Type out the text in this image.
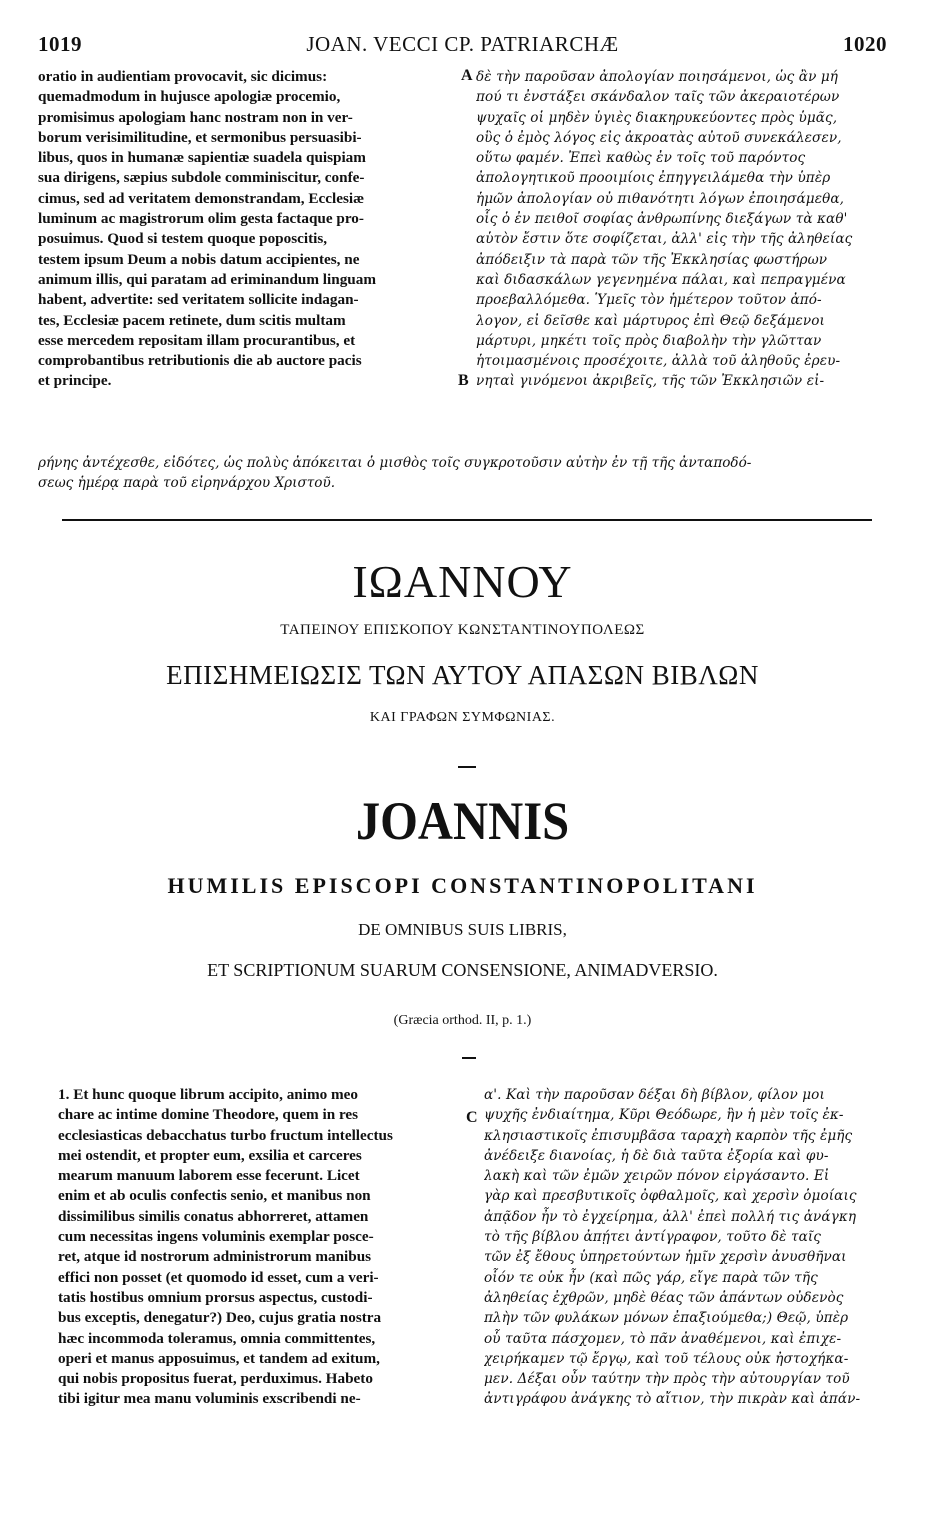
1019	JOAN. VECCI CP. PATRIARCHÆ	1020
oratio in audientiam provocavit, sic dicimus:
quemadmodum in hujusce apologiæ procemio,
promisimus apologiam hanc nostram non in ver-
borum verisimilitudine, et sermonibus persuasibi-
libus, quos in humanæ sapientiæ suadela quispiam
sua dirigens, sæpius subdole comminiscitur, confe-
cimus, sed ad veritatem demonstrandam, Ecclesiæ
luminum ac magistrorum olim gesta factaque pro-
posuimus. Quod si testem quoque poposcitis,
testem ipsum Deum a nobis datum accipientes, ne
animum illis, qui paratam ad eriminandum linguam
habent, advertite: sed veritatem sollicite indagan-
tes, Ecclesiæ pacem retinete, dum scitis multam
esse mercedem repositam illam procurantibus, et
comprobantibus retributionis die ab auctore pacis
et principe.
A
B
δὲ τὴν παροῦσαν ἀπολογίαν ποιησάμενοι, ὡς ἂν μή
πού τι ἐνστάξει σκάνδαλον ταῖς τῶν ἀκεραιοτέρων
ψυχαῖς οἱ μηδὲν ὑγιὲς διακηρυκεύοντες πρὸς ὑμᾶς,
οὓς ὁ ἐμὸς λόγος εἰς ἀκροατὰς αὐτοῦ συνεκάλεσεν,
οὕτω φαμέν. Ἐπεὶ καθὼς ἐν τοῖς τοῦ παρόντος
ἀπολογητικοῦ προοιμίοις ἐπηγγειλάμεθα τὴν ὑπὲρ
ἡμῶν ἀπολογίαν οὐ πιθανότητι λόγων ἐποιησάμεθα,
οἷς ὁ ἐν πειθοῖ σοφίας ἀνθρωπίνης διεξάγων τὰ καθ'
αὑτὸν ἔστιν ὅτε σοφίζεται, ἀλλ' εἰς τὴν τῆς ἀληθείας
ἀπόδειξιν τὰ παρὰ τῶν τῆς Ἐκκλησίας φωστήρων
καὶ διδασκάλων γεγενημένα πάλαι, καὶ πεπραγμένα
προεβαλλόμεθα. Ὑμεῖς τὸν ἡμέτερον τοῦτον ἀπό-
λογον, εἰ δεῖσθε καὶ μάρτυρος ἐπὶ Θεῷ δεξάμενοι
μάρτυρι, μηκέτι τοῖς πρὸς διαβολὴν τὴν γλῶτταν
ἡτοιμασμένοις προσέχοιτε, ἀλλὰ τοῦ ἀληθοῦς ἐρευ-
νηταὶ γινόμενοι ἀκριβεῖς, τῆς τῶν Ἐκκλησιῶν εἰ-
ρήνης ἀντέχεσθε, εἰδότες, ὡς πολὺς ἀπόκειται ὁ μισθὸς τοῖς συγκροτοῦσιν αὐτὴν ἐν τῇ τῆς ἀνταποδό-
σεως ἡμέρᾳ παρὰ τοῦ εἰρηνάρχου Χριστοῦ.
ΙΩΑΝΝΟΥ
ΤΑΠΕΙΝΟΥ ΕΠΙΣΚΟΠΟΥ ΚΩΝΣΤΑΝΤΙΝΟΥΠΟΛΕΩΣ
ΕΠΙΣΗΜΕΙΩΣΙΣ ΤΩΝ ΑΥΤΟΥ ΑΠΑΣΩΝ ΒΙΒΛΩΝ
ΚΑΙ ΓΡΑΦΩΝ ΣΥΜΦΩΝΙΑΣ.
JOANNIS
HUMILIS EPISCOPI CONSTANTINOPOLITANI
DE OMNIBUS SUIS LIBRIS,
ET SCRIPTIONUM SUARUM CONSENSIONE, ANIMADVERSIO.
(Græcia orthod. II, p. 1.)
1. Et hunc quoque librum accipito, animo meo
chare ac intime domine Theodore, quem in res
ecclesiasticas debacchatus turbo fructum intellectus
mei ostendit, et propter eum, exsilia et carceres
mearum manuum laborem esse fecerunt. Licet
enim et ab oculis confectis senio, et manibus non
dissimilibus similis conatus abhorreret, attamen
cum necessitas ingens voluminis exemplar posce-
ret, atque id nostrorum administrorum manibus
effici non posset (et quomodo id esset, cum a veri-
tatis hostibus omnium prorsus aspectus, custodi-
bus exceptis, denegatur?) Deo, cujus gratia nostra
hæc incommoda toleramus, omnia committentes,
operi et manus apposuimus, et tandem ad exitum,
qui nobis propositus fuerat, perduximus. Habeto
tibi igitur mea manu voluminis exscribendi ne-
C
α'. Καὶ τὴν παροῦσαν δέξαι δὴ βίβλον, φίλον μοι
ψυχῆς ἐνδιαίτημα, Κῦρι Θεόδωρε, ἣν ἡ μὲν τοῖς ἐκ-
κλησιαστικοῖς ἐπισυμβᾶσα ταραχὴ καρπὸν τῆς ἐμῆς
ἀνέδειξε διανοίας, ἡ δὲ διὰ ταῦτα ἐξορία καὶ φυ-
λακὴ καὶ τῶν ἐμῶν χειρῶν πόνον εἰργάσαντο. Εἰ
γὰρ καὶ πρεσβυτικοῖς ὀφθαλμοῖς, καὶ χερσὶν ὁμοίαις
ἀπᾷδον ἦν τὸ ἐγχείρημα, ἀλλ' ἐπεὶ πολλή τις ἀνάγκη
τὸ τῆς βίβλου ἀπῄτει ἀντίγραφον, τοῦτο δὲ ταῖς
τῶν ἐξ ἔθους ὑπηρετούντων ἡμῖν χερσὶν ἀνυσθῆναι
οἷόν τε οὐκ ἦν (καὶ πῶς γάρ, εἴγε παρὰ τῶν τῆς
ἀληθείας ἐχθρῶν, μηδὲ θέας τῶν ἁπάντων οὐδενὸς
πλὴν τῶν φυλάκων μόνων ἐπαξιούμεθα;) Θεῷ, ὑπὲρ
οὗ ταῦτα πάσχομεν, τὸ πᾶν ἀναθέμενοι, καὶ ἐπιχε-
χειρήκαμεν τῷ ἔργῳ, καὶ τοῦ τέλους οὐκ ἠστοχήκα-
μεν. Δέξαι οὖν ταύτην τὴν πρὸς τὴν αὐτουργίαν τοῦ
ἀντιγράφου ἀνάγκης τὸ αἴτιον, τὴν πικρὰν καὶ ἀπάν-
